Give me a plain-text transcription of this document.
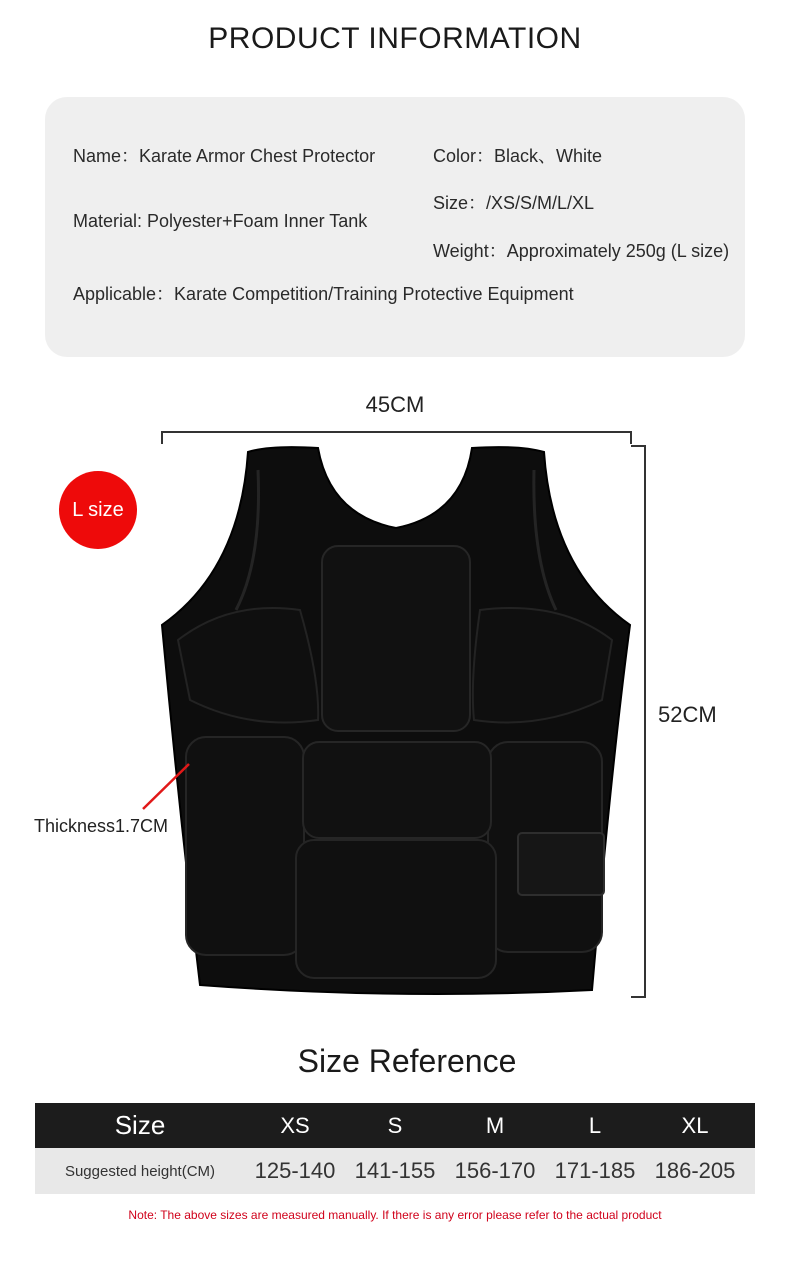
PRODUCT INFORMATION
Name：Karate Armor Chest Protector
Material: Polyester+Foam Inner Tank
Applicable：Karate Competition/Training Protective Equipment
Color：Black、White
Size：/XS/S/M/L/XL
Weight：Approximately 250g (L size)
45CM
52CM
Thickness1.7CM
L size
Size Reference
Size	XS	S	M	L	XL
Suggested height(CM)	125-140 141-155 156-170 171-185 186-205
Note: The above sizes are measured manually. If there is any error please refer to the actual product
